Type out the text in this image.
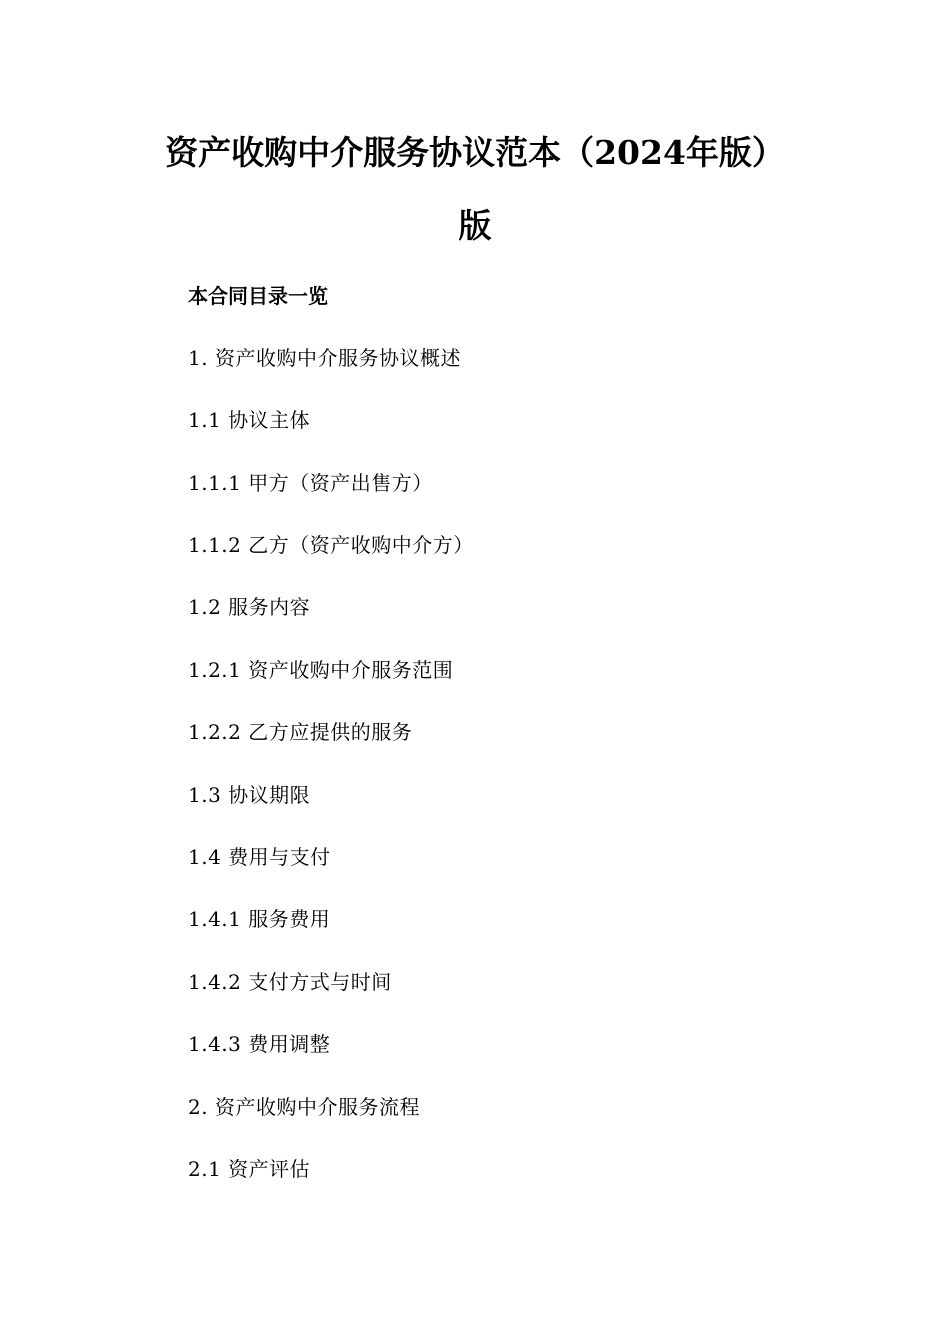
资产收购中介服务协议范本（2024年版）
版
本合同目录一览
1. 资产收购中介服务协议概述
1.1 协议主体
1.1.1 甲方（资产出售方）
1.1.2 乙方（资产收购中介方）
1.2 服务内容
1.2.1 资产收购中介服务范围
1.2.2 乙方应提供的服务
1.3 协议期限
1.4 费用与支付
1.4.1 服务费用
1.4.2 支付方式与时间
1.4.3 费用调整
2. 资产收购中介服务流程
2.1 资产评估
